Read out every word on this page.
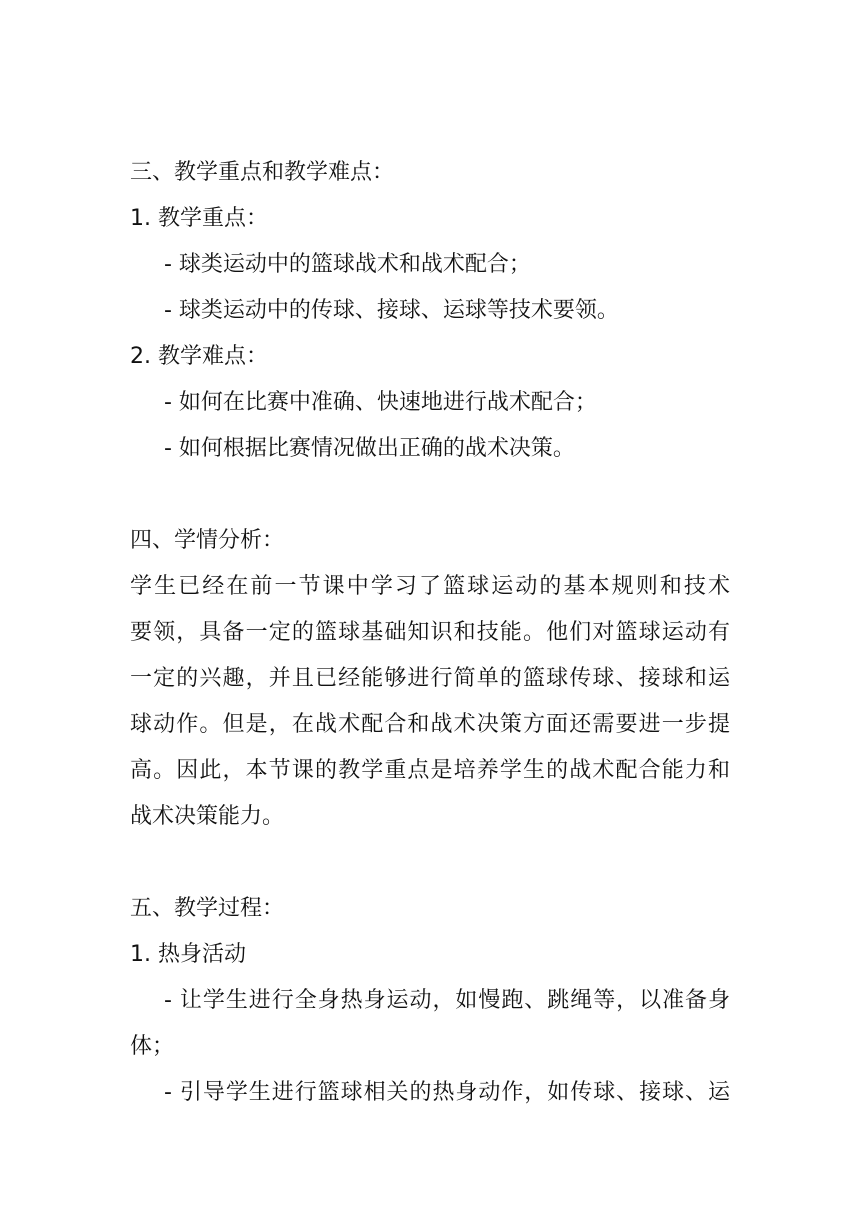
三、教学重点和教学难点：
1. 教学重点：
- 球类运动中的篮球战术和战术配合；
- 球类运动中的传球、接球、运球等技术要领。
2. 教学难点：
- 如何在比赛中准确、快速地进行战术配合；
- 如何根据比赛情况做出正确的战术决策。
四、学情分析：
学生已经在前一节课中学习了篮球运动的基本规则和技术
要领，具备一定的篮球基础知识和技能。他们对篮球运动有
一定的兴趣，并且已经能够进行简单的篮球传球、接球和运
球动作。但是，在战术配合和战术决策方面还需要进一步提
高。因此，本节课的教学重点是培养学生的战术配合能力和
战术决策能力。
五、教学过程：
1. 热身活动
- 让学生进行全身热身运动，如慢跑、跳绳等，以准备身
体；
- 引导学生进行篮球相关的热身动作，如传球、接球、运
